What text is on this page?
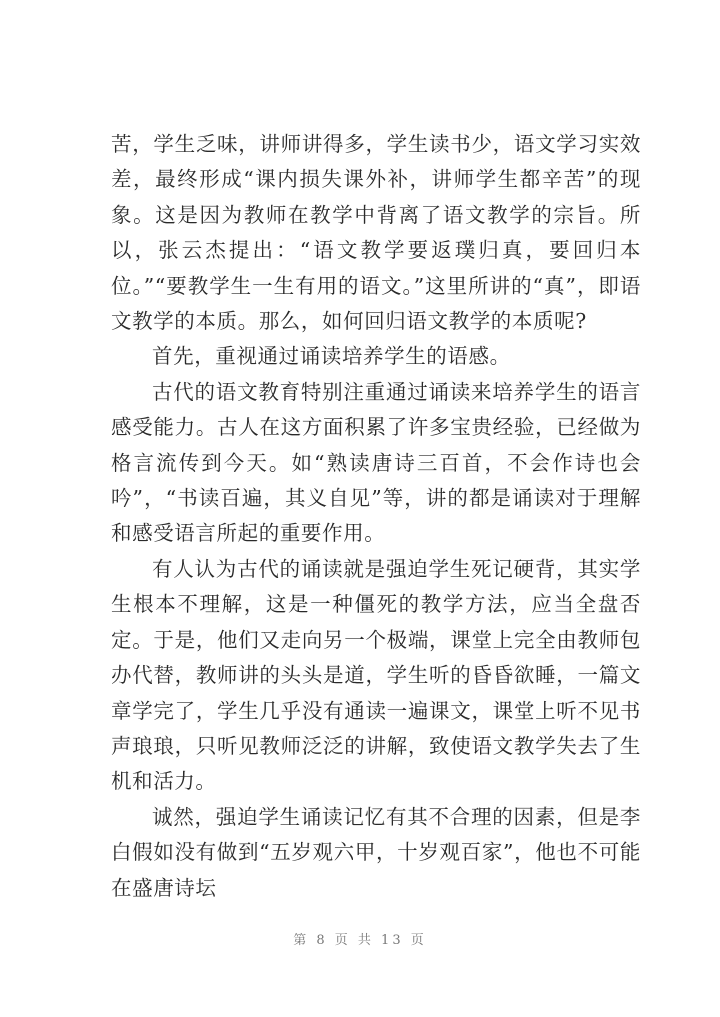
苦，学生乏味，讲师讲得多，学生读书少，语文学习实效差，最终形成“课内损失课外补，讲师学生都辛苦”的现象。这是因为教师在教学中背离了语文教学的宗旨。所以，张云杰提出：“语文教学要返璞归真，要回归本位。”“要教学生一生有用的语文。”这里所讲的“真”，即语文教学的本质。那么，如何回归语文教学的本质呢?

首先，重视通过诵读培养学生的语感。

古代的语文教育特别注重通过诵读来培养学生的语言感受能力。古人在这方面积累了许多宝贵经验，已经做为格言流传到今天。如“熟读唐诗三百首，不会作诗也会吟”，“书读百遍，其义自见”等，讲的都是诵读对于理解和感受语言所起的重要作用。

有人认为古代的诵读就是强迫学生死记硬背，其实学生根本不理解，这是一种僵死的教学方法，应当全盘否定。于是，他们又走向另一个极端，课堂上完全由教师包办代替，教师讲的头头是道，学生听的昏昏欲睡，一篇文章学完了，学生几乎没有通读一遍课文，课堂上听不见书声琅琅，只听见教师泛泛的讲解，致使语文教学失去了生机和活力。

诚然，强迫学生诵读记忆有其不合理的因素，但是李白假如没有做到“五岁观六甲，十岁观百家”，他也不可能在盛唐诗坛

第 8 页 共 13 页
